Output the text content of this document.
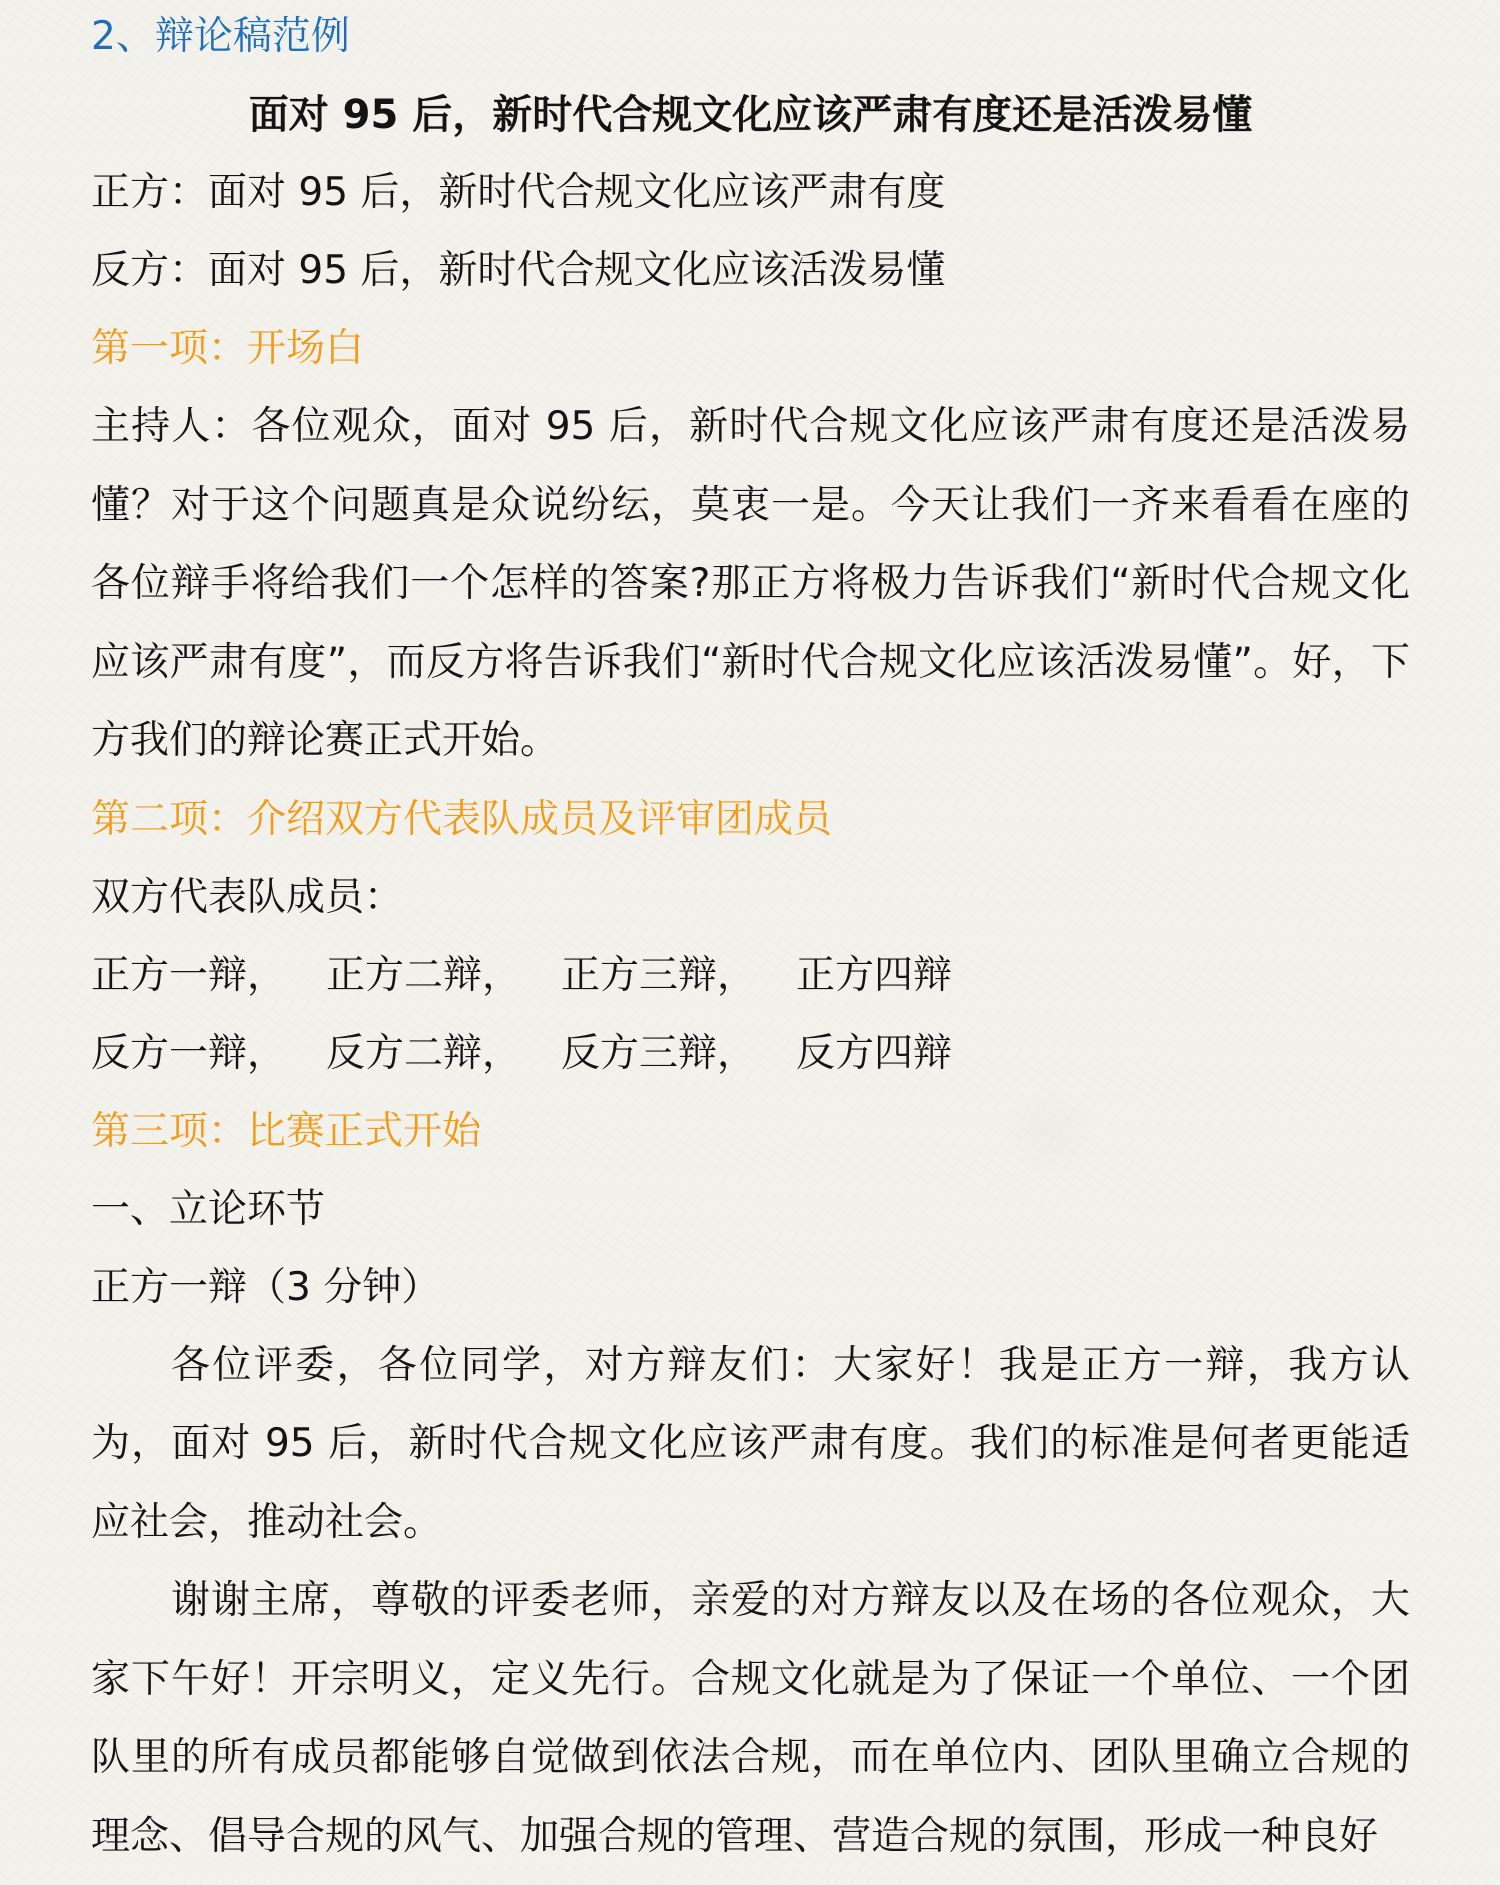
2、辩论稿范例
面对 95 后，新时代合规文化应该严肃有度还是活泼易懂
正方：面对 95 后，新时代合规文化应该严肃有度
反方：面对 95 后，新时代合规文化应该活泼易懂
第一项：开场白
主持人：各位观众，面对 95 后，新时代合规文化应该严肃有度还是活泼易懂？对于这个问题真是众说纷纭，莫衷一是。今天让我们一齐来看看在座的各位辩手将给我们一个怎样的答案?那正方将极力告诉我们“新时代合规文化应该严肃有度”，而反方将告诉我们“新时代合规文化应该活泼易懂”。好，下方我们的辩论赛正式开始。
第二项：介绍双方代表队成员及评审团成员
双方代表队成员：
正方一辩， 正方二辩， 正方三辩， 正方四辩
反方一辩， 反方二辩， 反方三辩， 反方四辩
第三项：比赛正式开始
一、立论环节
正方一辩（3 分钟）
各位评委，各位同学，对方辩友们：大家好！我是正方一辩，我方认为，面对 95 后，新时代合规文化应该严肃有度。我们的标准是何者更能适应社会，推动社会。
谢谢主席，尊敬的评委老师，亲爱的对方辩友以及在场的各位观众，大家下午好！开宗明义，定义先行。合规文化就是为了保证一个单位、一个团队里的所有成员都能够自觉做到依法合规，而在单位内、团队里确立合规的理念、倡导合规的风气、加强合规的管理、营造合规的氛围，形成一种良好
